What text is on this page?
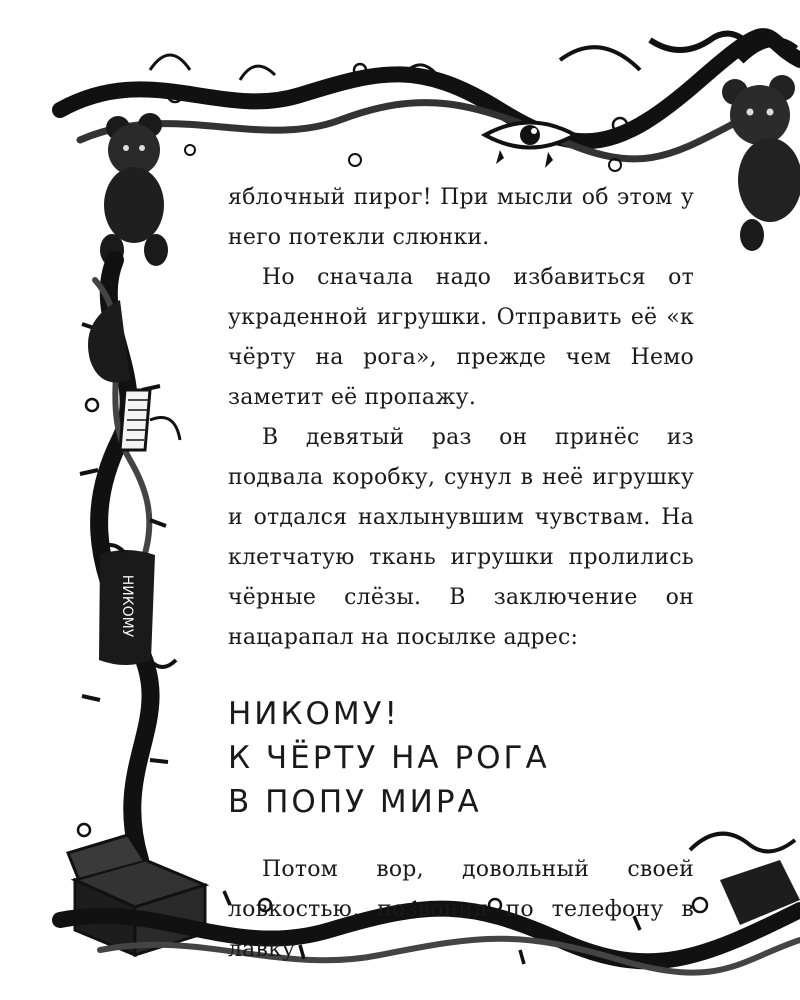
НИКОМУ

яблочный пирог! При мысли об этом у него потекли слюнки.

Но сначала надо избавиться от украденной игрушки. Отправить её «к чёрту на рога», прежде чем Немо заметит её пропажу.

В девятый раз он принёс из подвала коробку, сунул в неё игрушку и отдался нахлынувшим чувствам. На клетчатую ткань игрушки пролились чёрные слёзы. В заключение он нацарапал на посылке адрес:

НИКОМУ!
К ЧЁРТУ НА РОГА
В ПОПУ МИРА

Потом вор, довольный своей ловкостью, позвонил по телефону в лавку
